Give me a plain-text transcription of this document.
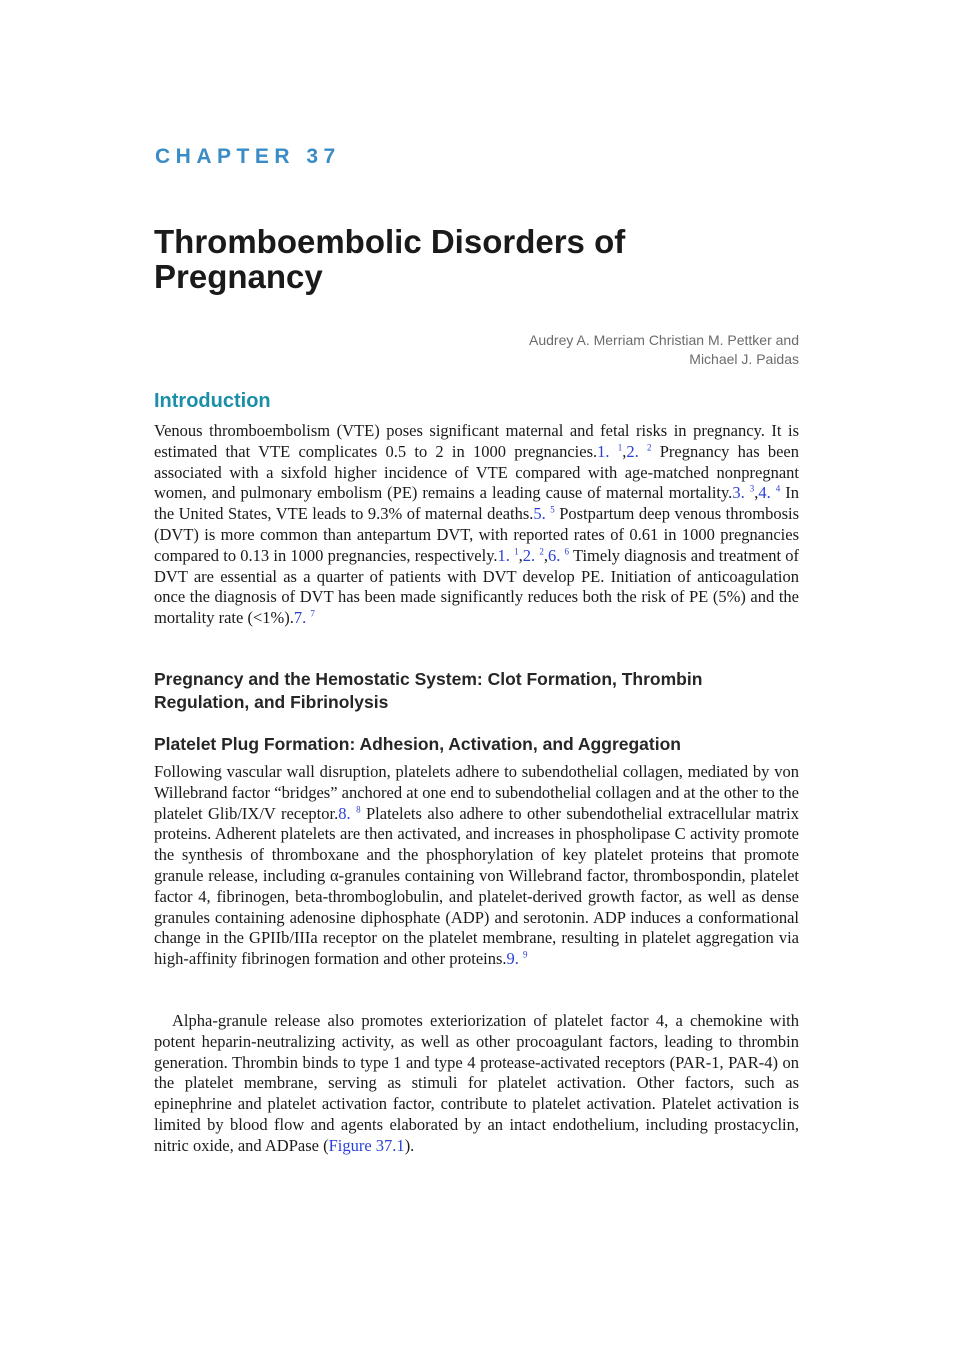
CHAPTER 37
Thromboembolic Disorders of Pregnancy
Audrey A. Merriam Christian M. Pettker and
Michael J. Paidas
Introduction

Venous thromboembolism (VTE) poses significant maternal and fetal risks in pregnancy. It is estimated that VTE complicates 0.5 to 2 in 1000 pregnancies.1. $^1$,2. $^2$ Pregnancy has been associated with a sixfold higher incidence of VTE compared with age-matched nonpregnant women, and pulmonary embolism (PE) remains a leading cause of maternal mortality.3. $^3$,4. $^4$ In the United States, VTE leads to 9.3% of maternal deaths.5. $^5$ Postpartum deep venous thrombosis (DVT) is more common than antepartum DVT, with reported rates of 0.61 in 1000 pregnancies compared to 0.13 in 1000 pregnancies, respectively.1. $^1$,2. $^2$,6. $^6$ Timely diagnosis and treatment of DVT are essential as a quarter of patients with DVT develop PE. Initiation of anticoagulation once the diagnosis of DVT has been made significantly reduces both the risk of PE (5%) and the mortality rate (<1%).7. $^7$

Pregnancy and the Hemostatic System: Clot Formation, Thrombin Regulation, and Fibrinolysis
Platelet Plug Formation: Adhesion, Activation, and Aggregation

Following vascular wall disruption, platelets adhere to subendothelial collagen, mediated by von Willebrand factor “bridges” anchored at one end to subendothelial collagen and at the other to the platelet Glib/IX/V receptor.8. $^8$ Platelets also adhere to other subendothelial extracellular matrix proteins. Adherent platelets are then activated, and increases in phospholipase C activity promote the synthesis of thromboxane and the phosphorylation of key platelet proteins that promote granule release, including α-granules containing von Willebrand factor, thrombospondin, platelet factor 4, fibrinogen, beta-thromboglobulin, and platelet-derived growth factor, as well as dense granules containing adenosine diphosphate (ADP) and serotonin. ADP induces a conformational change in the GPIIb/IIIa receptor on the platelet membrane, resulting in platelet aggregation via high-affinity fibrinogen formation and other proteins.9. $^9$

Alpha-granule release also promotes exteriorization of platelet factor 4, a chemokine with potent heparin-neutralizing activity, as well as other procoagulant factors, leading to thrombin generation. Thrombin binds to type 1 and type 4 protease-activated receptors (PAR-1, PAR-4) on the platelet membrane, serving as stimuli for platelet activation. Other factors, such as epinephrine and platelet activation factor, contribute to platelet activation. Platelet activation is limited by blood flow and agents elaborated by an intact endothelium, including prostacyclin, nitric oxide, and ADPase (Figure 37.1).
